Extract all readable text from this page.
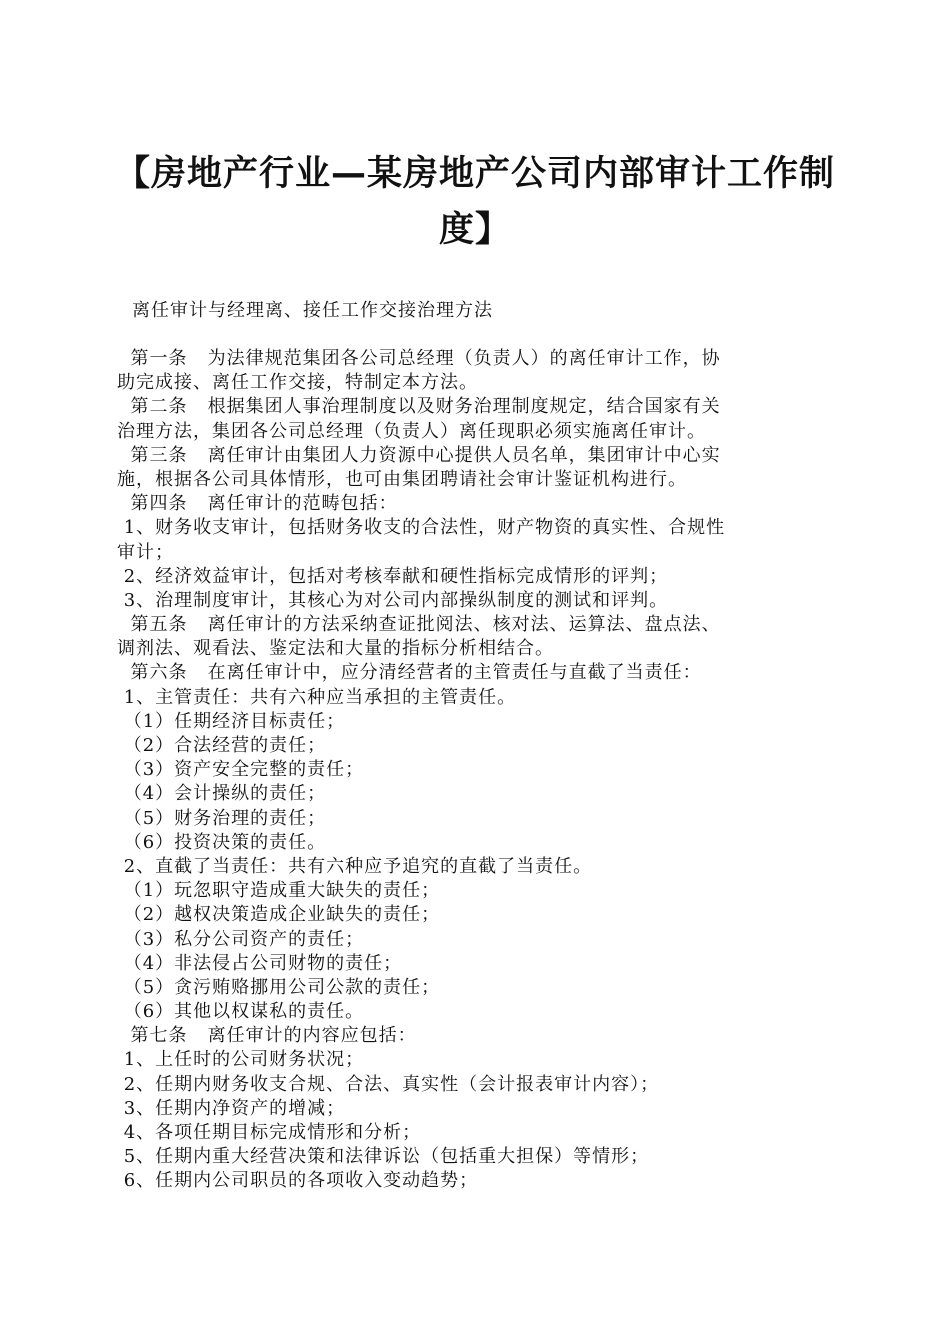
【房地产行业—某房地产公司内部审计工作制
度】
离任审计与经理离、接任工作交接治理方法
第一条   为法律规范集团各公司总经理（负责人）的离任审计工作，协
助完成接、离任工作交接，特制定本方法。
第二条   根据集团人事治理制度以及财务治理制度规定，结合国家有关
治理方法，集团各公司总经理（负责人）离任现职必须实施离任审计。
第三条   离任审计由集团人力资源中心提供人员名单，集团审计中心实
施，根据各公司具体情形，也可由集团聘请社会审计鉴证机构进行。
第四条   离任审计的范畴包括：
1、财务收支审计，包括财务收支的合法性，财产物资的真实性、合规性
审计；
2、经济效益审计，包括对考核奉献和硬性指标完成情形的评判；
3、治理制度审计，其核心为对公司内部操纵制度的测试和评判。
第五条   离任审计的方法采纳查证批阅法、核对法、运算法、盘点法、
调剂法、观看法、鉴定法和大量的指标分析相结合。
第六条   在离任审计中，应分清经营者的主管责任与直截了当责任：
1、主管责任：共有六种应当承担的主管责任。
（1）任期经济目标责任；
（2）合法经营的责任；
（3）资产安全完整的责任；
（4）会计操纵的责任；
（5）财务治理的责任；
（6）投资决策的责任。
2、直截了当责任：共有六种应予追究的直截了当责任。
（1）玩忽职守造成重大缺失的责任；
（2）越权决策造成企业缺失的责任；
（3）私分公司资产的责任；
（4）非法侵占公司财物的责任；
（5）贪污贿赂挪用公司公款的责任；
（6）其他以权谋私的责任。
第七条   离任审计的内容应包括：
1、上任时的公司财务状况；
2、任期内财务收支合规、合法、真实性（会计报表审计内容）；
3、任期内净资产的增减；
4、各项任期目标完成情形和分析；
5、任期内重大经营决策和法律诉讼（包括重大担保）等情形；
6、任期内公司职员的各项收入变动趋势；
